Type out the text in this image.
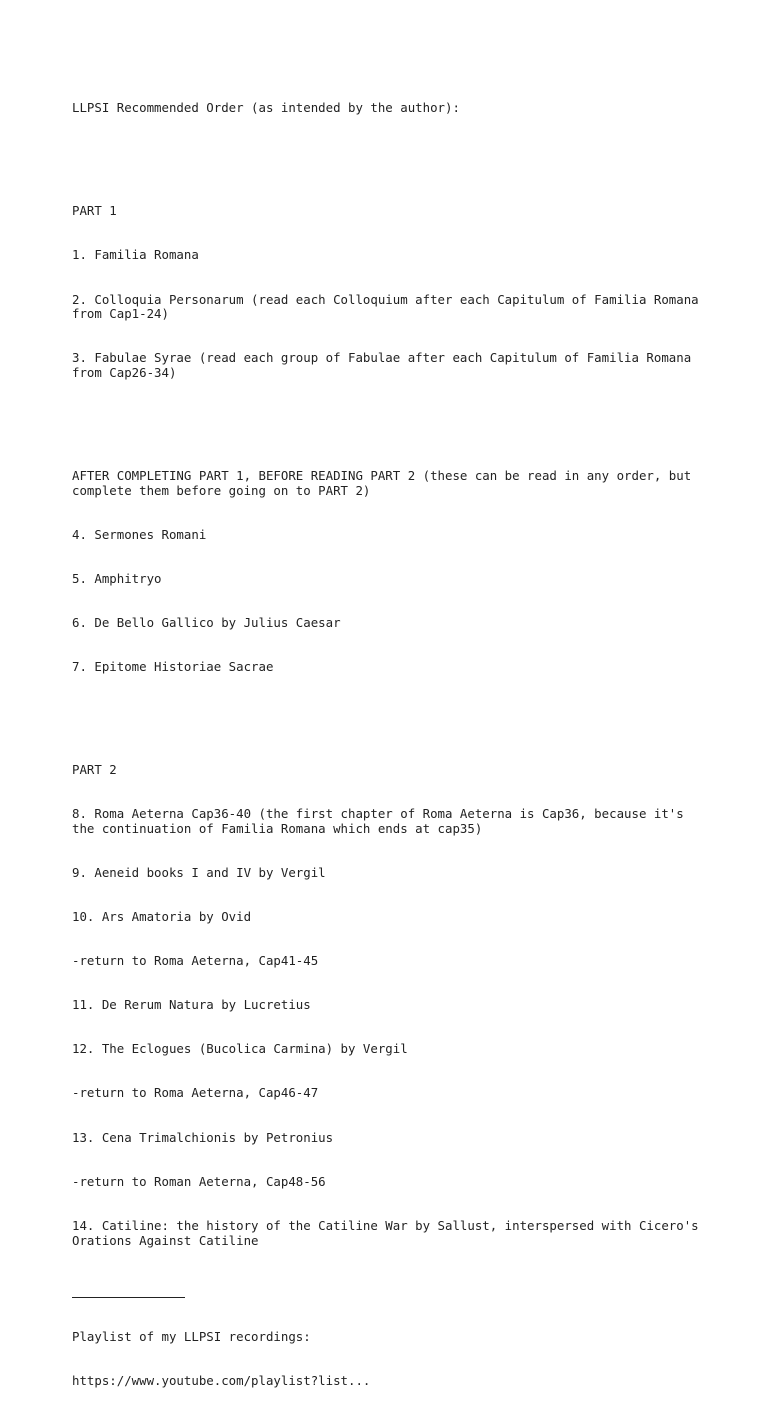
LLPSI Recommended Order (as intended by the author):

PART 1

1. Familia Romana

2. Colloquia Personarum (read each Colloquium after each Capitulum of Familia Romana from Cap1-24)

3. Fabulae Syrae (read each group of Fabulae after each Capitulum of Familia Romana from Cap26-34)

AFTER COMPLETING PART 1, BEFORE READING PART 2 (these can be read in any order, but complete them before going on to PART 2)

4. Sermones Romani

5. Amphitryo

6. De Bello Gallico by Julius Caesar

7. Epitome Historiae Sacrae

PART 2

8. Roma Aeterna Cap36-40 (the first chapter of Roma Aeterna is Cap36, because it's the continuation of Familia Romana which ends at cap35)

9. Aeneid books I and IV by Vergil

10. Ars Amatoria by Ovid

-return to Roma Aeterna, Cap41-45

11. De Rerum Natura by Lucretius

12. The Eclogues (Bucolica Carmina) by Vergil

-return to Roma Aeterna, Cap46-47

13. Cena Trimalchionis by Petronius

-return to Roman Aeterna, Cap48-56

14. Catiline: the history of the Catiline War by Sallust, interspersed with Cicero's Orations Against Catiline

Playlist of my LLPSI recordings:

https://www.youtube.com/playlist?list...
